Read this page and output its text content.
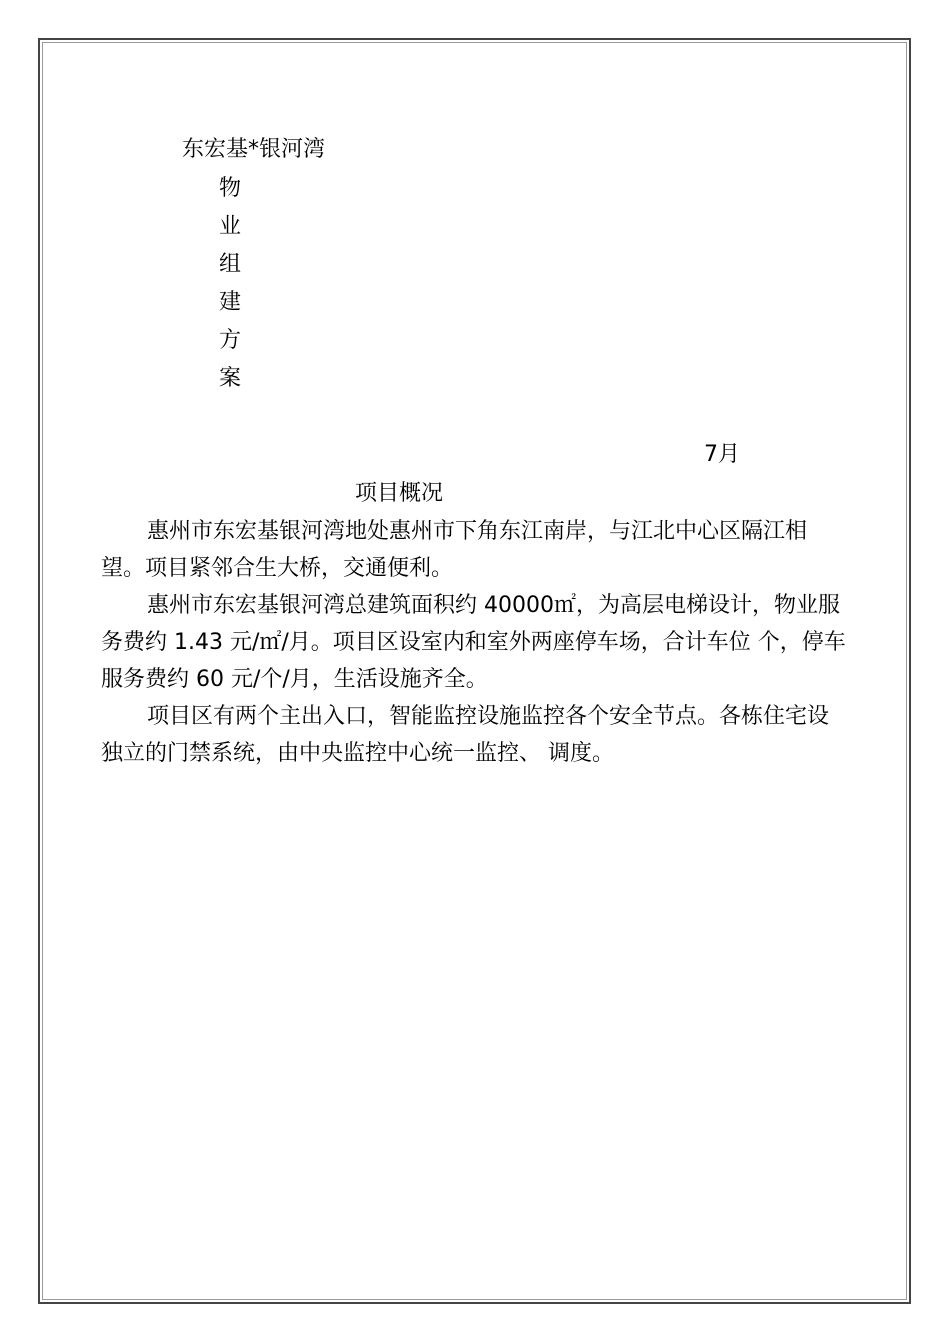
东宏基*银河湾
物
业
组
建
方
案
7月
项目概况

惠州市东宏基银河湾地处惠州市下角东江南岸，与江北中心区隔江相望。项目紧邻合生大桥，交通便利。

惠州市东宏基银河湾总建筑面积约 40000㎡，为高层电梯设计，物业服务费约 1.43 元/㎡/月。项目区设室内和室外两座停车场，合计车位 个，停车服务费约 60 元/个/月，生活设施齐全。

项目区有两个主出入口，智能监控设施监控各个安全节点。各栋住宅设独立的门禁系统，由中央监控中心统一监控、 调度。
